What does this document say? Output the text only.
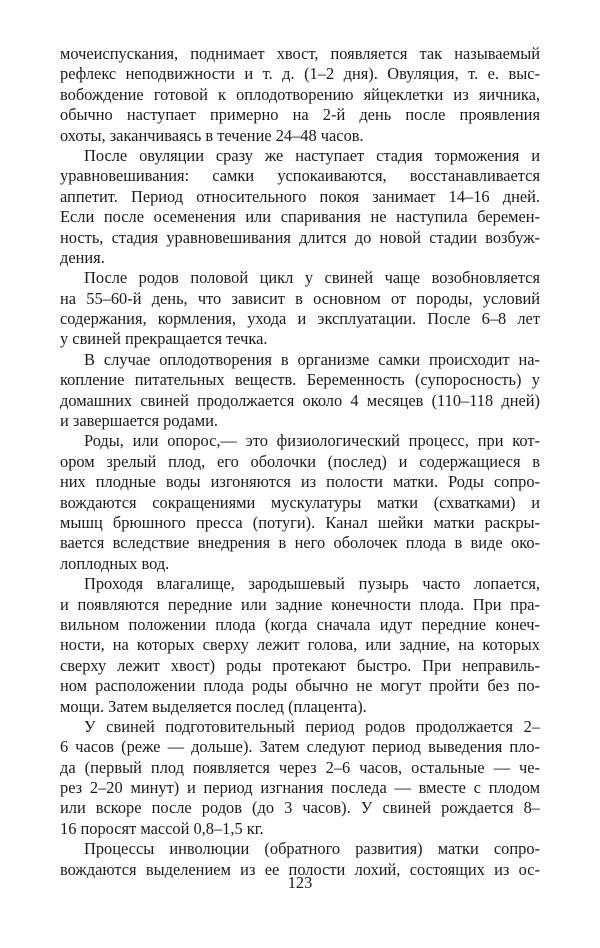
мочеиспускания, поднимает хвост, появляется так называемый
рефлекс неподвижности и т. д. (1–2 дня). Овуляция, т. е. выс-
вобождение готовой к оплодотворению яйцеклетки из яичника,
обычно наступает примерно на 2-й день после проявления
охоты, заканчиваясь в течение 24–48 часов.
После овуляции сразу же наступает стадия торможения и
уравновешивания: самки успокаиваются, восстанавливается
аппетит. Период относительного покоя занимает 14–16 дней.
Если после осеменения или спаривания не наступила беремен-
ность, стадия уравновешивания длится до новой стадии возбуж-
дения.
После родов половой цикл у свиней чаще возобновляется
на 55–60-й день, что зависит в основном от породы, условий
содержания, кормления, ухода и эксплуатации. После 6–8 лет
у свиней прекращается течка.
В случае оплодотворения в организме самки происходит на-
копление питательных веществ. Беременность (супоросность) у
домашних свиней продолжается около 4 месяцев (110–118 дней)
и завершается родами.
Роды, или опорос,— это физиологический процесс, при кот-
ором зрелый плод, его оболочки (послед) и содержащиеся в
них плодные воды изгоняются из полости матки. Роды сопро-
вождаются сокращениями мускулатуры матки (схватками) и
мышц брюшного пресса (потуги). Канал шейки матки раскры-
вается вследствие внедрения в него оболочек плода в виде око-
лоплодных вод.
Проходя влагалище, зародышевый пузырь часто лопается,
и появляются передние или задние конечности плода. При пра-
вильном положении плода (когда сначала идут передние конеч-
ности, на которых сверху лежит голова, или задние, на которых
сверху лежит хвост) роды протекают быстро. При неправиль-
ном расположении плода роды обычно не могут пройти без по-
мощи. Затем выделяется послед (плацента).
У свиней подготовительный период родов продолжается 2–
6 часов (реже — дольше). Затем следуют период выведения пло-
да (первый плод появляется через 2–6 часов, остальные — че-
рез 2–20 минут) и период изгнания последа — вместе с плодом
или вскоре после родов (до 3 часов). У свиней рождается 8–
16 поросят массой 0,8–1,5 кг.
Процессы инволюции (обратного развития) матки сопро-
вождаются выделением из ее полости лохий, состоящих из ос-
123
